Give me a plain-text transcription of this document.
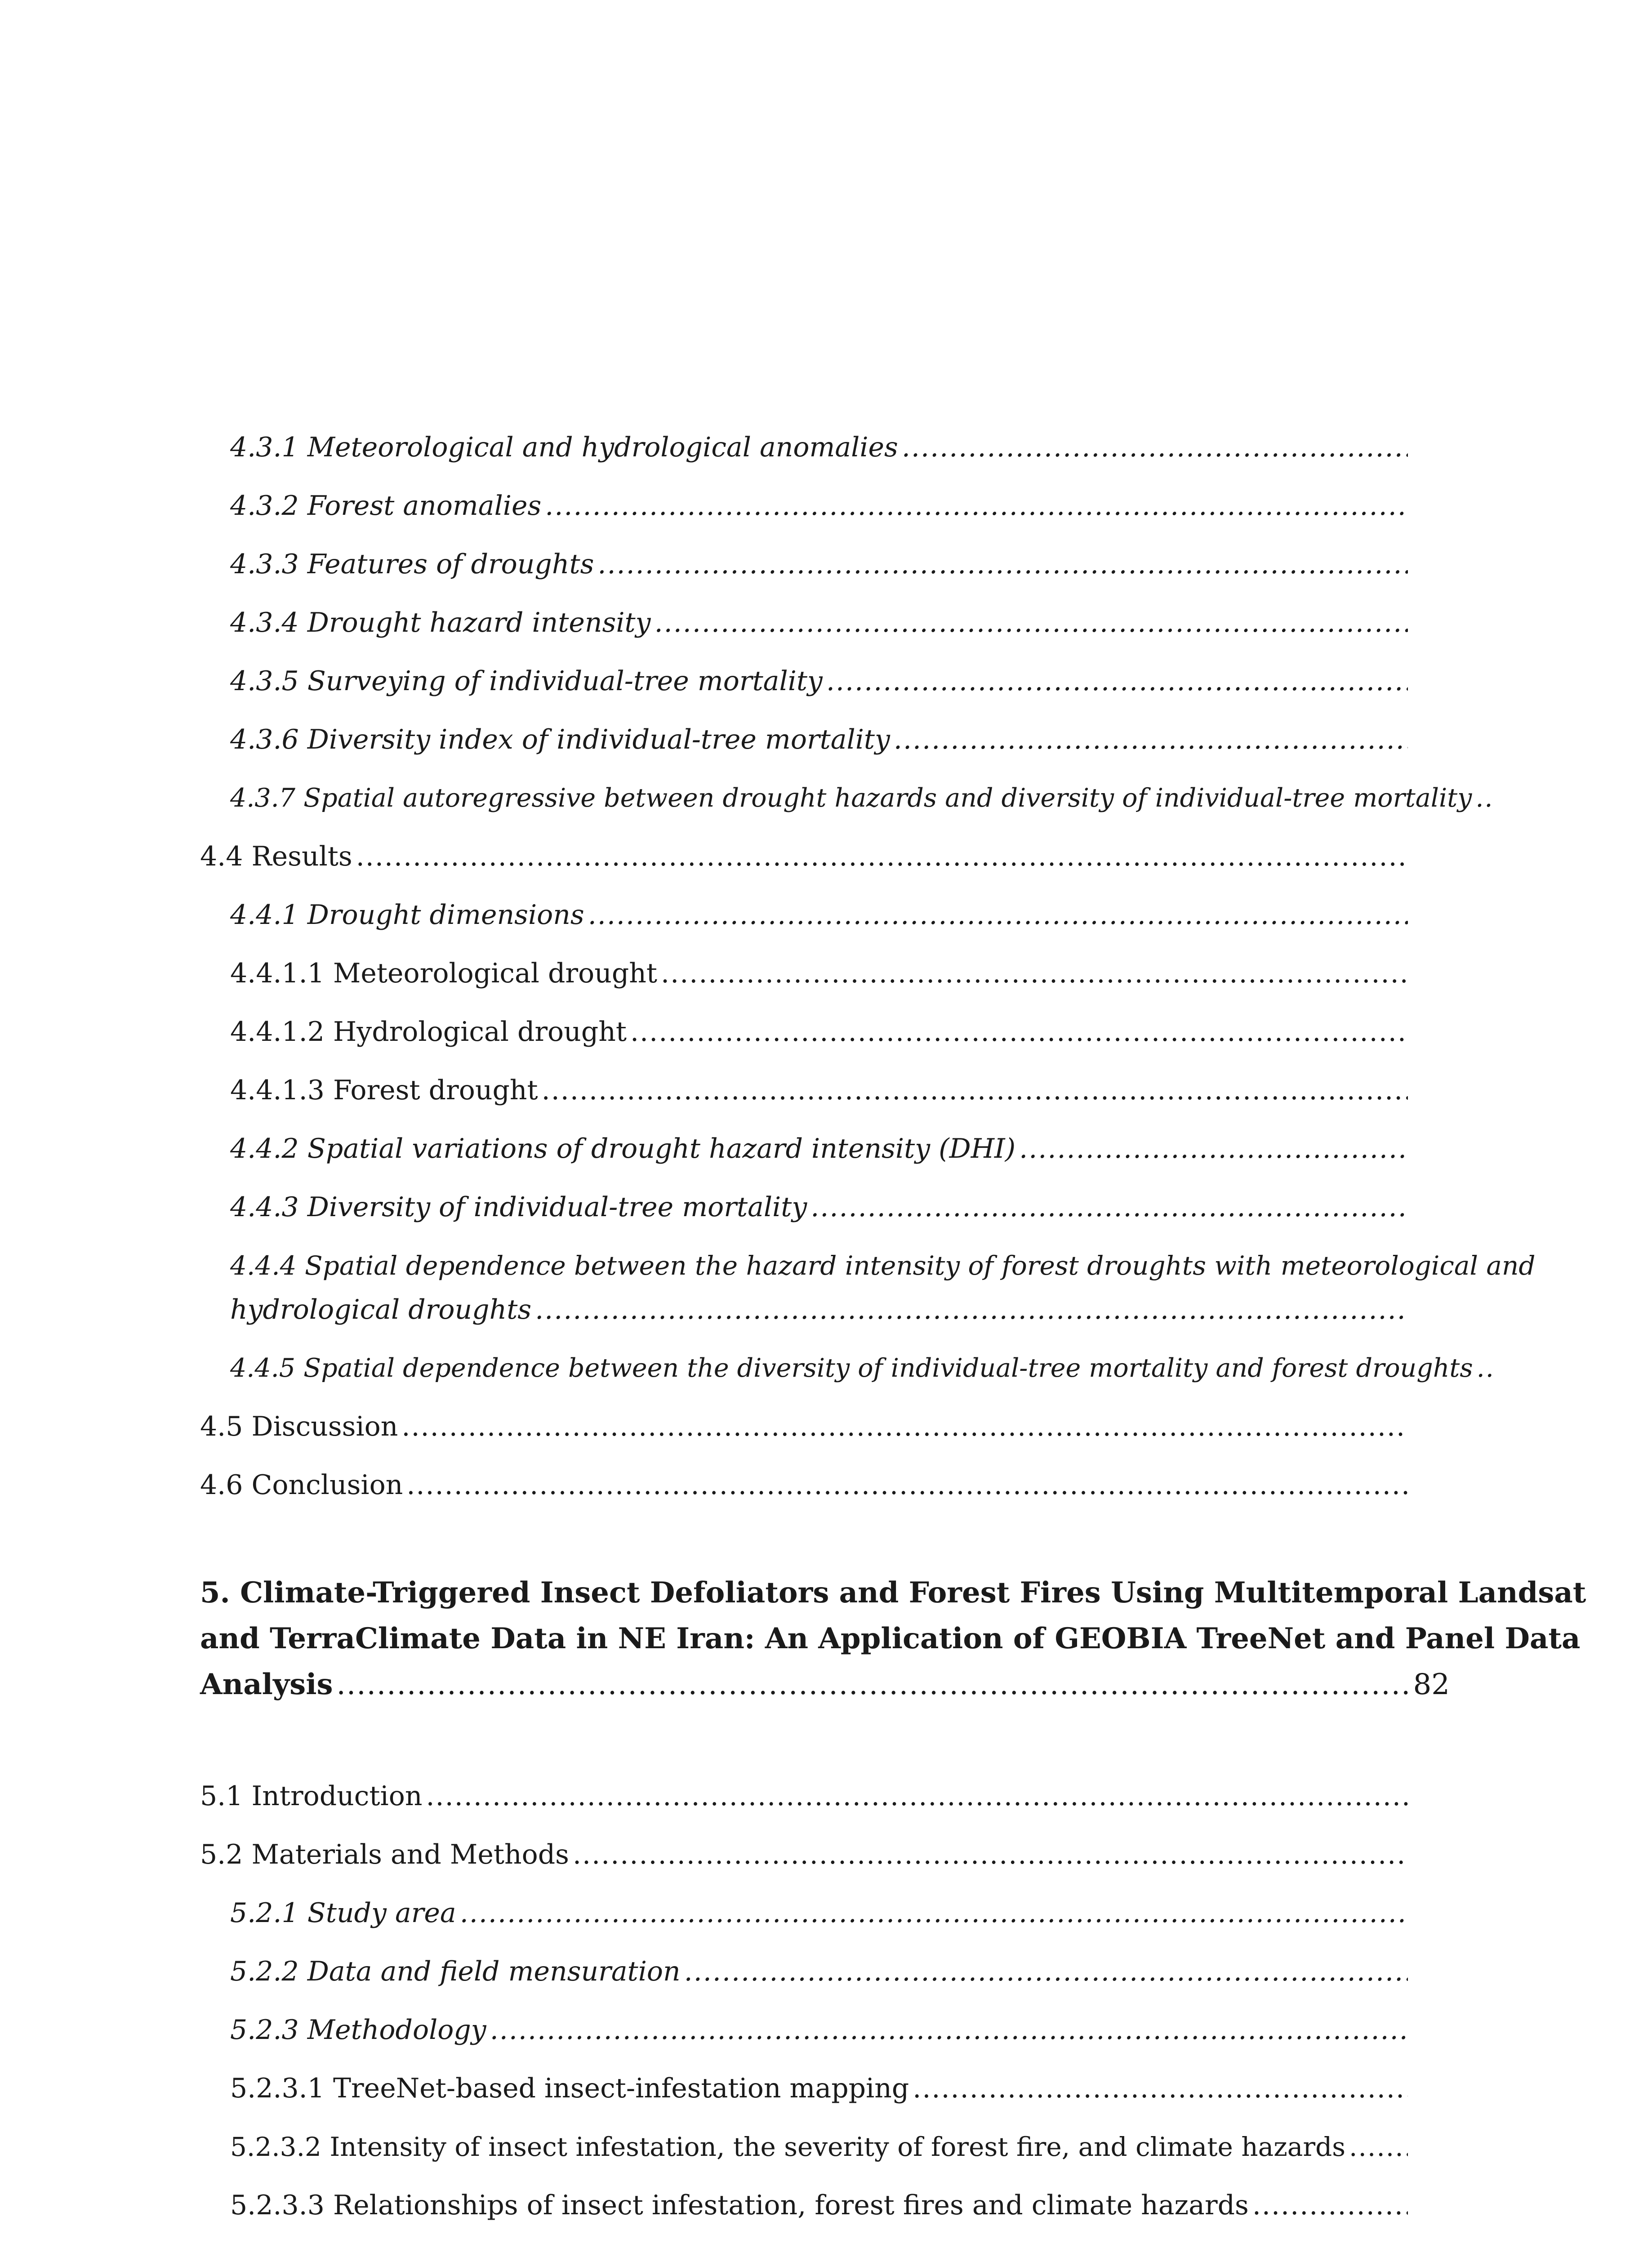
4.3.1 Meteorological and hydrological anomalies
.....
4.3.2 Forest anomalies
.....
4.3.3 Features of droughts
.....
4.3.4 Drought hazard intensity
.....
4.3.5 Surveying of individual-tree mortality
.....
4.3.6 Diversity index of individual-tree mortality
.....
4.3.7 Spatial autoregressive between drought hazards and diversity of individual-tree mortality
.....
4.4 Results
.....
4.4.1 Drought dimensions
.....
4.4.1.1 Meteorological drought
.....
4.4.1.2 Hydrological drought
.....
4.4.1.3 Forest drought
.....
4.4.2 Spatial variations of drought hazard intensity (DHI)
.....
4.4.3 Diversity of individual-tree mortality
.....
4.4.4 Spatial dependence between the hazard intensity of forest droughts with meteorological and
hydrological droughts
.....
4.4.5 Spatial dependence between the diversity of individual-tree mortality and forest droughts
.....
4.5 Discussion
.....
4.6 Conclusion
.....
5. Climate-Triggered Insect Defoliators and Forest Fires Using Multitemporal Landsat
and TerraClimate Data in NE Iran: An Application of GEOBIA TreeNet and Panel Data
Analysis
.....	82
5.1 Introduction
.....
5.2 Materials and Methods
.....
5.2.1 Study area
.....
5.2.2 Data and field mensuration
.....
5.2.3 Methodology
.....
5.2.3.1 TreeNet-based insect-infestation mapping
.....
5.2.3.2 Intensity of insect infestation, the severity of forest fire, and climate hazards
.....
5.2.3.3 Relationships of insect infestation, forest fires and climate hazards
.....
